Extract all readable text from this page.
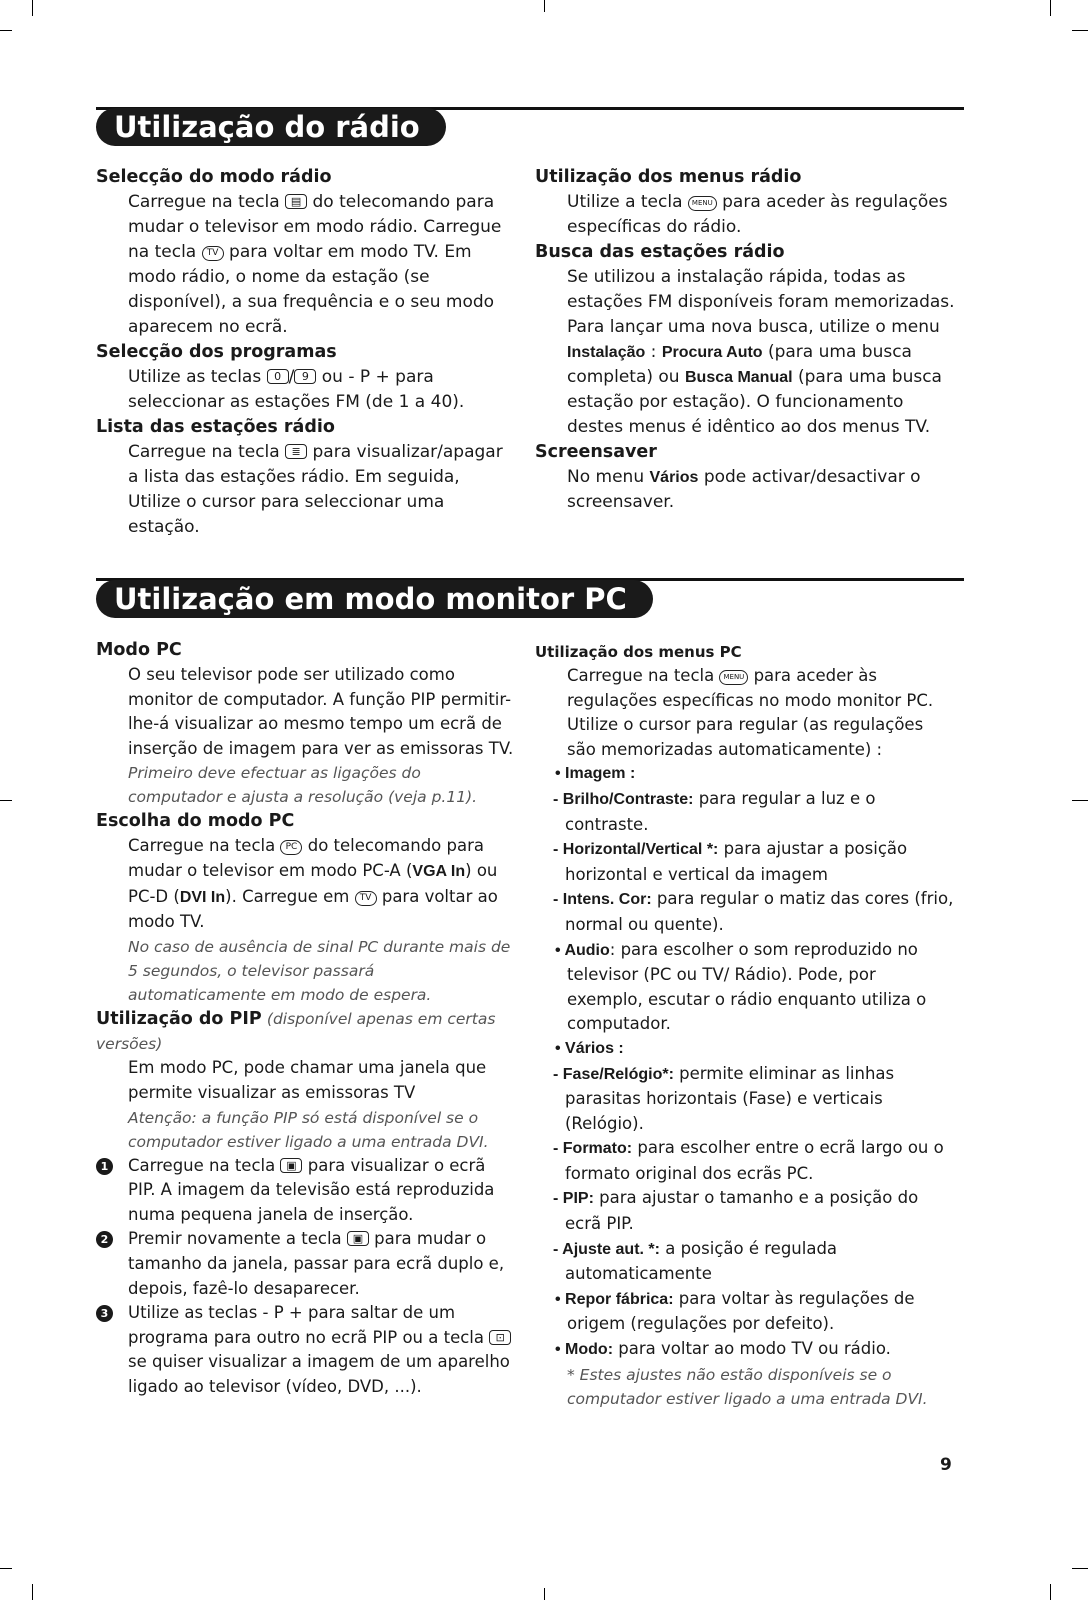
Utilização do rádio
Selecção do modo rádio

Carregue na tecla ▤ do telecomando para mudar o televisor em modo rádio. Carregue na tecla TV para voltar em modo TV. Em modo rádio, o nome da estação (se disponível), a sua frequência e o seu modo aparecem no ecrã.

Selecção dos programas

Utilize as teclas 0 / 9 ou - P + para seleccionar as estações FM (de 1 a 40).

Lista das estações rádio

Carregue na tecla ≣ para visualizar/apagar a lista das estações rádio. Em seguida, Utilize o cursor para seleccionar uma estação.

Utilização dos menus rádio

Utilize a tecla MENU para aceder às regulações específicas do rádio.

Busca das estações rádio

Se utilizou a instalação rápida, todas as estações FM disponíveis foram memorizadas. Para lançar uma nova busca, utilize o menu Instalação : Procura Auto (para uma busca completa) ou Busca Manual (para uma busca estação por estação). O funcionamento destes menus é idêntico ao dos menus TV.

Screensaver

No menu Vários pode activar/desactivar o screensaver.

Utilização em modo monitor PC
Modo PC

O seu televisor pode ser utilizado como monitor de computador. A função PIP permitir-lhe-á visualizar ao mesmo tempo um ecrã de inserção de imagem para ver as emissoras TV.

Primeiro deve efectuar as ligações do computador e ajusta a resolução (veja p.11).

Escolha do modo PC

Carregue na tecla PC do telecomando para mudar o televisor em modo PC-A (VGA In) ou PC-D (DVI In). Carregue em TV para voltar ao modo TV.

No caso de ausência de sinal PC durante mais de 5 segundos, o televisor passará automaticamente em modo de espera.

Utilização do PIP (disponível apenas em certas versões)

Em modo PC, pode chamar uma janela que permite visualizar as emissoras TV

Atenção: a função PIP só está disponível se o computador estiver ligado a uma entrada DVI.

1 Carregue na tecla ▣ para visualizar o ecrã PIP. A imagem da televisão está reproduzida numa pequena janela de inserção.
2 Premir novamente a tecla ▣ para mudar o tamanho da janela, passar para ecrã duplo e, depois, fazê-lo desaparecer.
3 Utilize as teclas - P + para saltar de um programa para outro no ecrã PIP ou a tecla ⊡ se quiser visualizar a imagem de um aparelho ligado ao televisor (vídeo, DVD, ...).
Utilização dos menus PC

Carregue na tecla MENU para aceder às regulações específicas no modo monitor PC. Utilize o cursor para regular (as regulações são memorizadas automaticamente) :

• Imagem :
- Brilho/Contraste: para regular a luz e o contraste.
- Horizontal/Vertical *: para ajustar a posição horizontal e vertical da imagem
- Intens. Cor: para regular o matiz das cores (frio, normal ou quente).
• Audio: para escolher o som reproduzido no televisor (PC ou TV/ Rádio). Pode, por exemplo, escutar o rádio enquanto utiliza o computador.
• Vários :
- Fase/Relógio*: permite eliminar as linhas parasitas horizontais (Fase) e verticais (Relógio).
- Formato: para escolher entre o ecrã largo ou o formato original dos ecrãs PC.
- PIP: para ajustar o tamanho e a posição do ecrã PIP.
- Ajuste aut. *: a posição é regulada automaticamente
• Repor fábrica: para voltar às regulações de origem (regulações por defeito).
• Modo: para voltar ao modo TV ou rádio.

* Estes ajustes não estão disponíveis se o computador estiver ligado a uma entrada DVI.

9
